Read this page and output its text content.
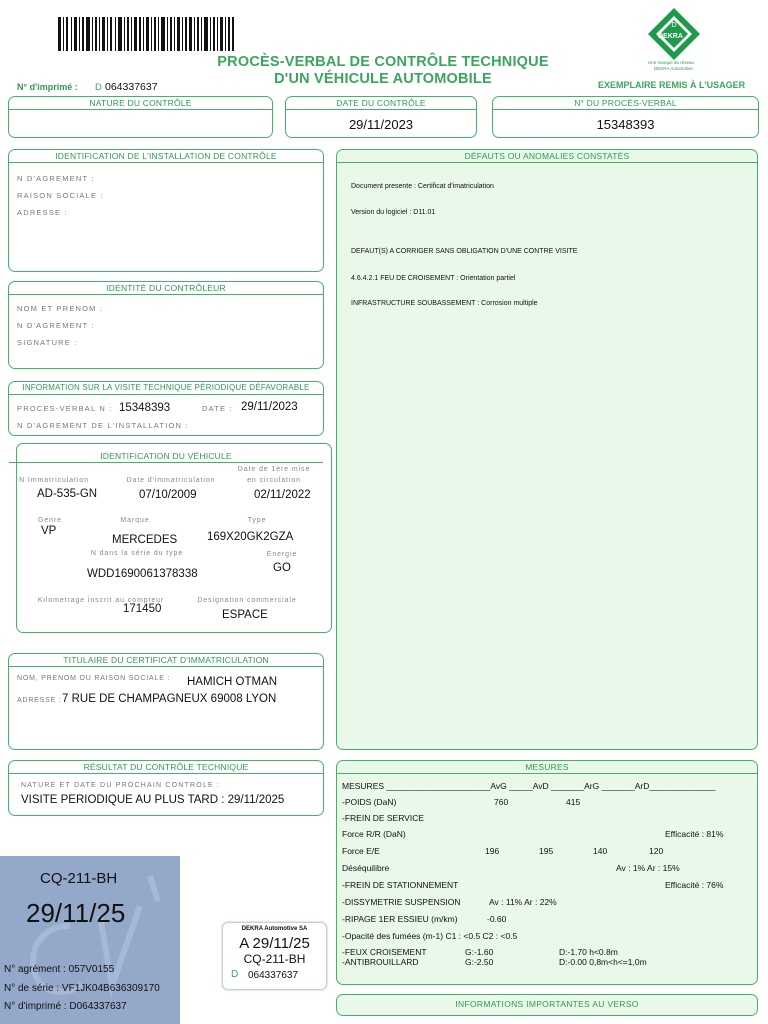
PROCÈS-VERBAL DE CONTRÔLE TECHNIQUE
D'UN VÉHICULE AUTOMOBILE
D
DEKRA
Une marque du réseau
DEKRA Automotive
N° d'imprimé : D 064337637	EXEMPLAIRE REMIS À L'USAGER
NATURE DU CONTRÔLE	DATE DU CONTRÔLE
29/11/2023
N° DU PROCÈS-VERBAL
15348393
IDENTIFICATION DE L'INSTALLATION DE CONTRÔLE
N D'AGREMENT :
RAISON SOCIALE :
ADRESSE :
IDENTITÉ DU CONTRÔLEUR
NOM ET PRENOM :
N D'AGREMENT :
SIGNATURE :
INFORMATION SUR LA VISITE TECHNIQUE PÉRIODIQUE DÉFAVORABLE
PROCES-VERBAL N : 15348393	DATE : 29/11/2023
N D'AGREMENT DE L'INSTALLATION :
IDENTIFICATION DU VÉHICULE
N Immatriculation
AD-535-GN
Date d'immatriculation
07/10/2009
Date de 1ère mise
en circulation
02/11/2022
Genre
VP
Marque
MERCEDES
Type
169X20GK2GZA
N dans la série du type
WDD1690061378338
Energie
GO
Kilometrage inscrit au compteur
171450
Designation commerciale
ESPACE
TITULAIRE DU CERTIFICAT D'IMMATRICULATION
NOM, PRENOM OU RAISON SOCIALE : HAMICH OTMAN
ADRESSE : 7 RUE DE CHAMPAGNEUX 69008 LYON
RÉSULTAT DU CONTRÔLE TECHNIQUE
NATURE ET DATE DU PROCHAIN CONTROLE :
VISITE PERIODIQUE AU PLUS TARD : 29/11/2025
DÉFAUTS OU ANOMALIES CONSTATÉS
Document presente : Certificat d'imatriculation
Version du logiciel : D11.01
DEFAUT(S) A CORRIGER SANS OBLIGATION D'UNE CONTRE VISITE
4.6.4.2.1 FEU DE CROISEMENT : Orientation partiel
INFRASTRUCTURE SOUBASSEMENT : Corrosion multiple
MESURES
MESURES ______________________AvG _____AvD _______ArG _______ArD______________
-POIDS (DaN)	760	415
-FREIN DE SERVICE
Force R/R (DaN)	Efficacité : 81%
Force E/E	196	195	140	120
Déséquilibre	Av : 1% Ar : 15%
-FREIN DE STATIONNEMENT	Efficacité : 76%
-DISSYMETRIE SUSPENSION	Av : 11% Ar : 22%
-RIPAGE 1ER ESSIEU (m/km)	-0.60
-Opacité des fumées (m-1) C1 : <0.5 C2 : <0.5
-FEUX CROISEMENT	G:-1.60	D:-1.70 h<0.8m
-ANTIBROUILLARD	G:-2.50	D:-0.00 0,8m<h<=1,0m
INFORMATIONS IMPORTANTES AU VERSO
CQ-211-BH
29/11/25
N° agrément : 057V0155
N° de série : VF1JK04B636309170
N° d'imprimé : D064337637
DEKRA Automotive SA
A 29/11/25
CQ-211-BH
D 064337637
